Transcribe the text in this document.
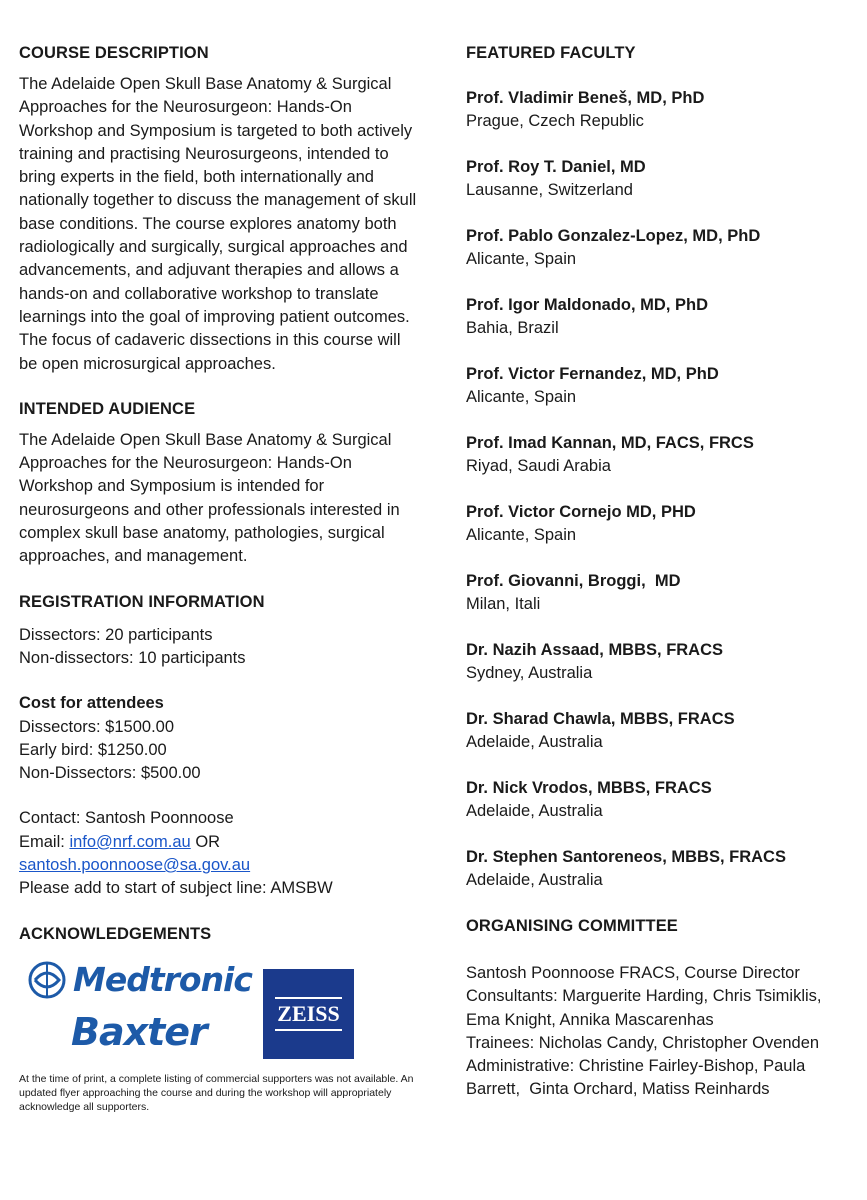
COURSE DESCRIPTION

The Adelaide Open Skull Base Anatomy & Surgical Approaches for the Neurosurgeon: Hands-On Workshop and Symposium is targeted to both actively training and practising Neurosurgeons, intended to bring experts in the field, both internationally and nationally together to discuss the management of skull base conditions. The course explores anatomy both radiologically and surgically, surgical approaches and advancements, and adjuvant therapies and allows a hands-on and collaborative workshop to translate learnings into the goal of improving patient outcomes. The focus of cadaveric dissections in this course will be open microsurgical approaches.

INTENDED AUDIENCE

The Adelaide Open Skull Base Anatomy & Surgical Approaches for the Neurosurgeon: Hands-On Workshop and Symposium is intended for neurosurgeons and other professionals interested in complex skull base anatomy, pathologies, surgical approaches, and management.

REGISTRATION INFORMATION
Dissectors: 20 participants
Non-dissectors: 10 participants
Cost for attendees
Dissectors: $1500.00
Early bird: $1250.00
Non-Dissectors: $500.00
Contact: Santosh Poonnoose
Email: info@nrf.com.au OR
santosh.poonnoose@sa.gov.au
Please add to start of subject line: AMSBW
ACKNOWLEDGEMENTS
Medtronic
Baxter	ZEISS
At the time of print, a complete listing of commercial supporters was not available. An updated flyer approaching the course and during the workshop will appropriately acknowledge all supporters.
FEATURED FACULTY
Prof. Vladimir Beneš, MD, PhD
Prague, Czech Republic
Prof. Roy T. Daniel, MD
Lausanne, Switzerland
Prof. Pablo Gonzalez-Lopez, MD, PhD
Alicante, Spain
Prof. Igor Maldonado, MD, PhD
Bahia, Brazil
Prof. Victor Fernandez, MD, PhD
Alicante, Spain
Prof. Imad Kannan, MD, FACS, FRCS
Riyad, Saudi Arabia
Prof. Victor Cornejo MD, PHD
Alicante, Spain
Prof. Giovanni, Broggi,  MD
Milan, Itali
Dr. Nazih Assaad, MBBS, FRACS
Sydney, Australia
Dr. Sharad Chawla, MBBS, FRACS
Adelaide, Australia
Dr. Nick Vrodos, MBBS, FRACS
Adelaide, Australia
Dr. Stephen Santoreneos, MBBS, FRACS
Adelaide, Australia
ORGANISING COMMITTEE
Santosh Poonnoose FRACS, Course Director
Consultants: Marguerite Harding, Chris Tsimiklis, Ema Knight, Annika Mascarenhas
Trainees: Nicholas Candy, Christopher Ovenden
Administrative: Christine Fairley-Bishop, Paula Barrett,  Ginta Orchard, Matiss Reinhards
